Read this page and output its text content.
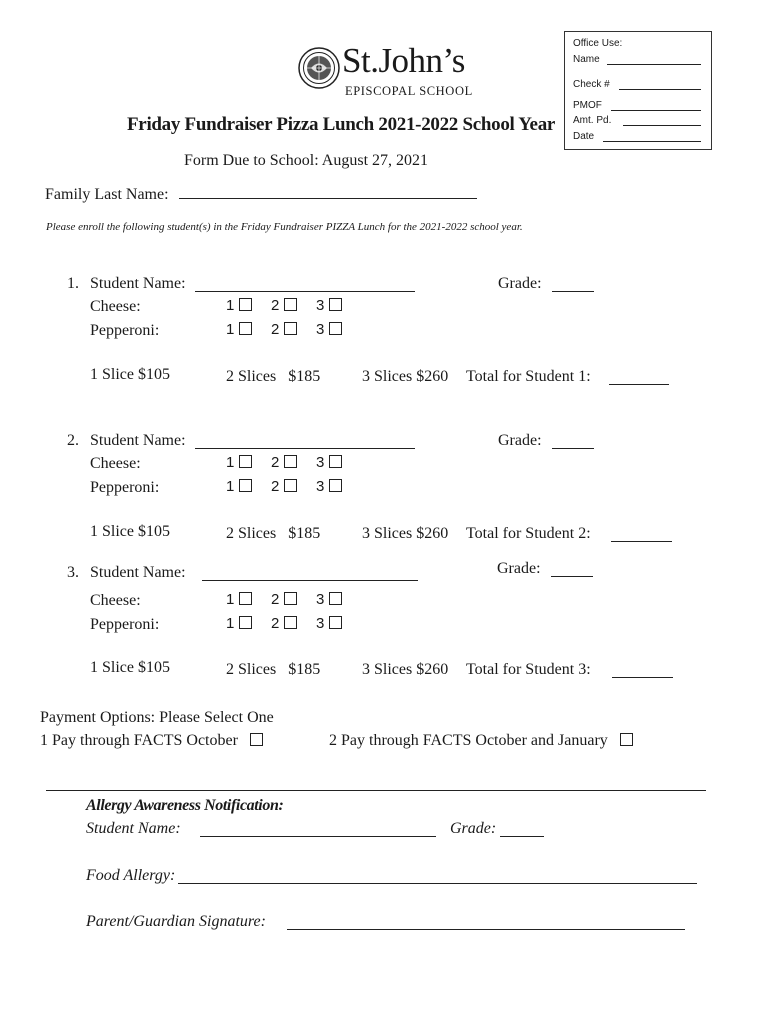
St.John’s
EPISCOPAL SCHOOL
Office Use:
Name
Check #
PMOF
Amt. Pd.
Date
Friday Fundraiser Pizza Lunch 2021-2022 School Year
Form Due to School: August 27, 2021
Family Last Name:
Please enroll the following student(s) in the Friday Fundraiser PIZZA Lunch for the 2021-2022 school year.
1. Student Name:	Grade:
Cheese:	1	2	3
Pepperoni:	1	2	3
1 Slice $105	2 Slices   $185	3 Slices $260 Total for Student 1:
2. Student Name:	Grade:
Cheese:	1	2	3
Pepperoni:	1	2	3
1 Slice $105	2 Slices   $185	3 Slices $260 Total for Student 2:
3. Student Name:	Grade:
Cheese:	1	2	3
Pepperoni:	1	2	3
1 Slice $105	2 Slices   $185	3 Slices $260 Total for Student 3:
Payment Options: Please Select One
1 Pay through FACTS October	2 Pay through FACTS October and January
Allergy Awareness Notification:
Student Name:	Grade:
Food Allergy:
Parent/Guardian Signature:
